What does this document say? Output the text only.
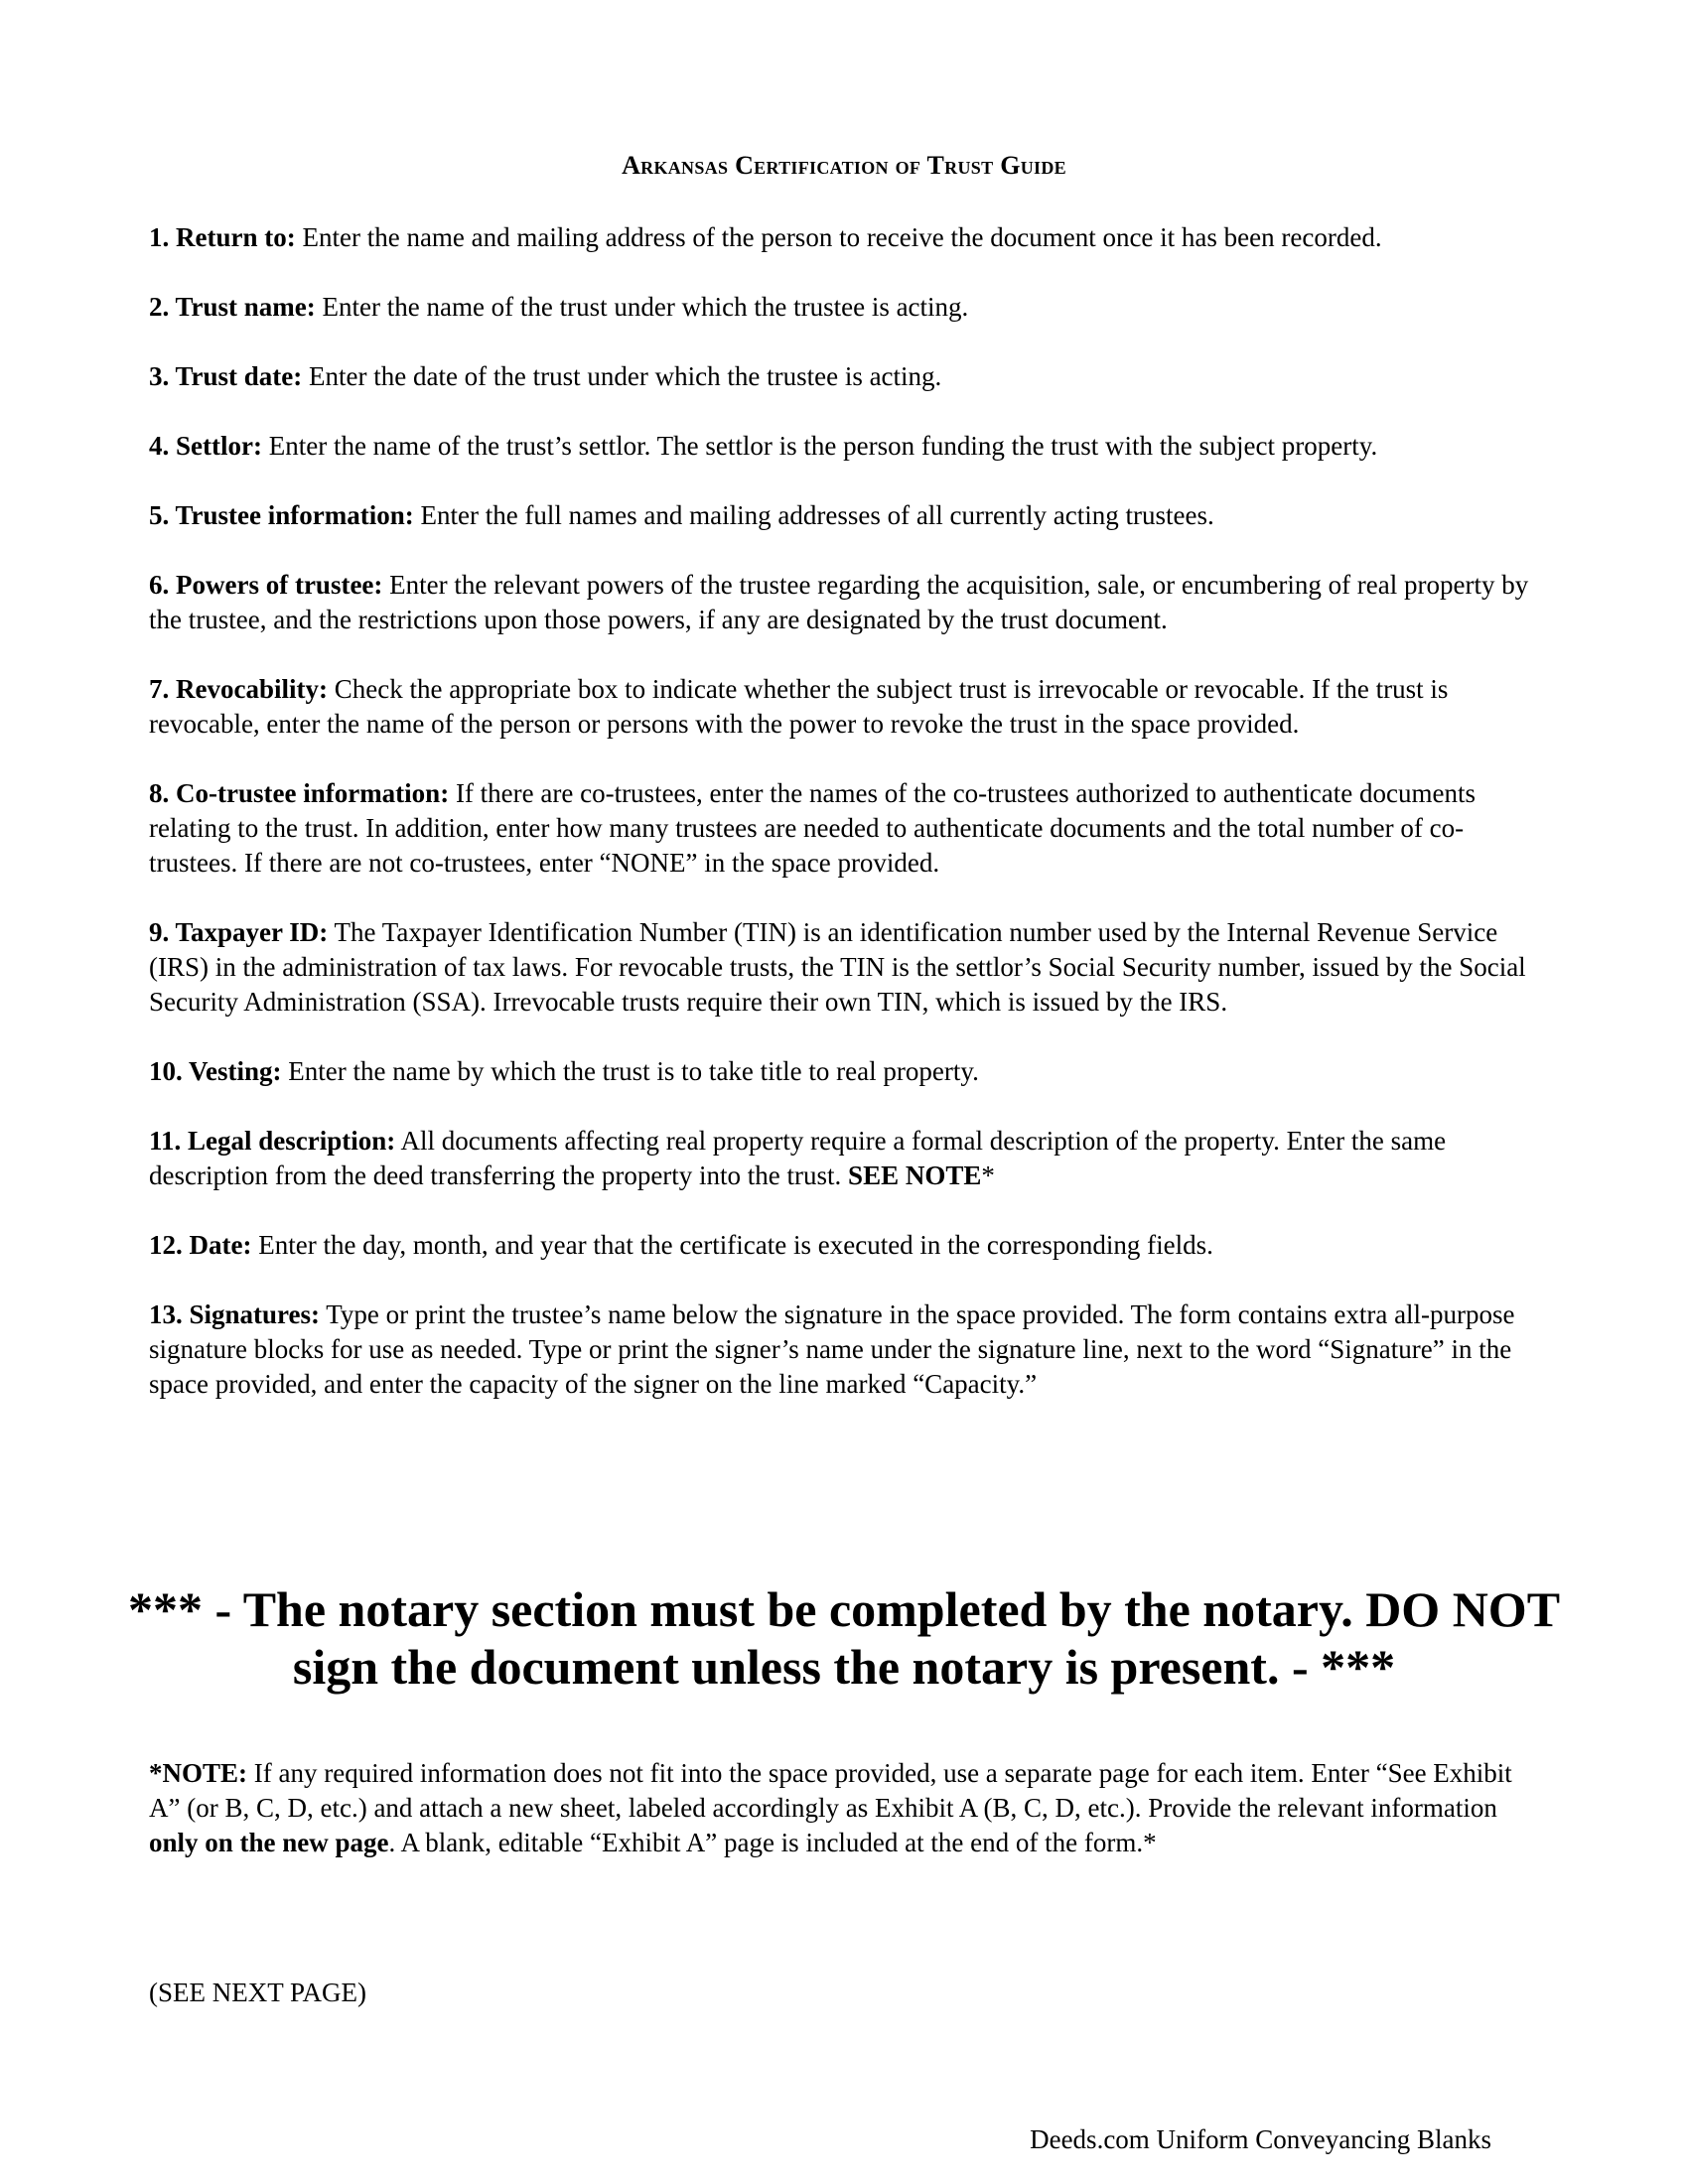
Arkansas Certification of Trust Guide

1. Return to: Enter the name and mailing address of the person to receive the document once it has been recorded.

2. Trust name: Enter the name of the trust under which the trustee is acting.

3. Trust date: Enter the date of the trust under which the trustee is acting.

4. Settlor: Enter the name of the trust’s settlor. The settlor is the person funding the trust with the subject property.

5. Trustee information: Enter the full names and mailing addresses of all currently acting trustees.

6. Powers of trustee: Enter the relevant powers of the trustee regarding the acquisition, sale, or encumbering of real property by the trustee, and the restrictions upon those powers, if any are designated by the trust document.

7. Revocability: Check the appropriate box to indicate whether the subject trust is irrevocable or revocable. If the trust is revocable, enter the name of the person or persons with the power to revoke the trust in the space provided.

8. Co-trustee information: If there are co-trustees, enter the names of the co-trustees authorized to authenticate documents relating to the trust. In addition, enter how many trustees are needed to authenticate documents and the total number of co-trustees. If there are not co-trustees, enter “NONE” in the space provided.

9. Taxpayer ID: The Taxpayer Identification Number (TIN) is an identification number used by the Internal Revenue Service (IRS) in the administration of tax laws. For revocable trusts, the TIN is the settlor’s Social Security number, issued by the Social Security Administration (SSA). Irrevocable trusts require their own TIN, which is issued by the IRS.

10. Vesting: Enter the name by which the trust is to take title to real property.

11. Legal description: All documents affecting real property require a formal description of the property. Enter the same description from the deed transferring the property into the trust. SEE NOTE*

12. Date: Enter the day, month, and year that the certificate is executed in the corresponding fields.

13. Signatures: Type or print the trustee’s name below the signature in the space provided. The form contains extra all-purpose signature blocks for use as needed. Type or print the signer’s name under the signature line, next to the word “Signature” in the space provided, and enter the capacity of the signer on the line marked “Capacity.”

*** - The notary section must be completed by the notary. DO NOT sign the document unless the notary is present. - ***

*NOTE: If any required information does not fit into the space provided, use a separate page for each item. Enter “See Exhibit A” (or B, C, D, etc.) and attach a new sheet, labeled accordingly as Exhibit A (B, C, D, etc.). Provide the relevant information only on the new page. A blank, editable “Exhibit A” page is included at the end of the form.*

(SEE NEXT PAGE)
Deeds.com Uniform Conveyancing Blanks
